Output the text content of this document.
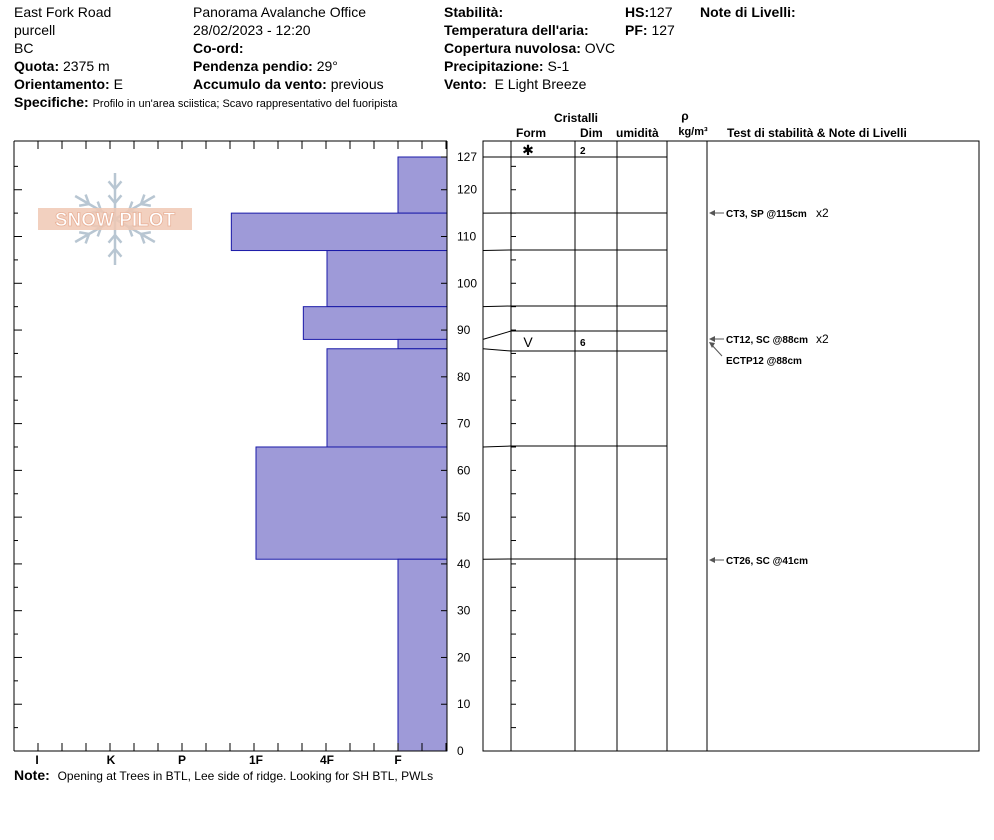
East Fork Road
purcell
BC
Quota: 2375 m
Orientamento: E
Specifiche: Profilo in un'area sciistica; Scavo rappresentativo del fuoripista
Panorama Avalanche Office
28/02/2023 - 12:20
Co-ord:
Pendenza pendio: 29°
Accumulo da vento: previous
Stabilità:
Temperatura dell'aria:
Copertura nuvolosa: OVC
Precipitazione: S-1
Vento: E Light Breeze
HS:127
PF: 127
Note di Livelli:
Note: Opening at Trees in BTL, Lee side of ridge. Looking for SH BTL, PWLs
SNOW PILOT
Cristalli
Form	Dim umidità
ρ
kg/m³ Test di stabilità & Note di Livelli
I	K	P	1F	4F	F
0
10
20
30
40
50
60
70
80
90
100
110
120
127	✱	2
V	6
CT3, SP @115cm x2
CT12, SC @88cm x2
ECTP12 @88cm
CT26, SC @41cm
